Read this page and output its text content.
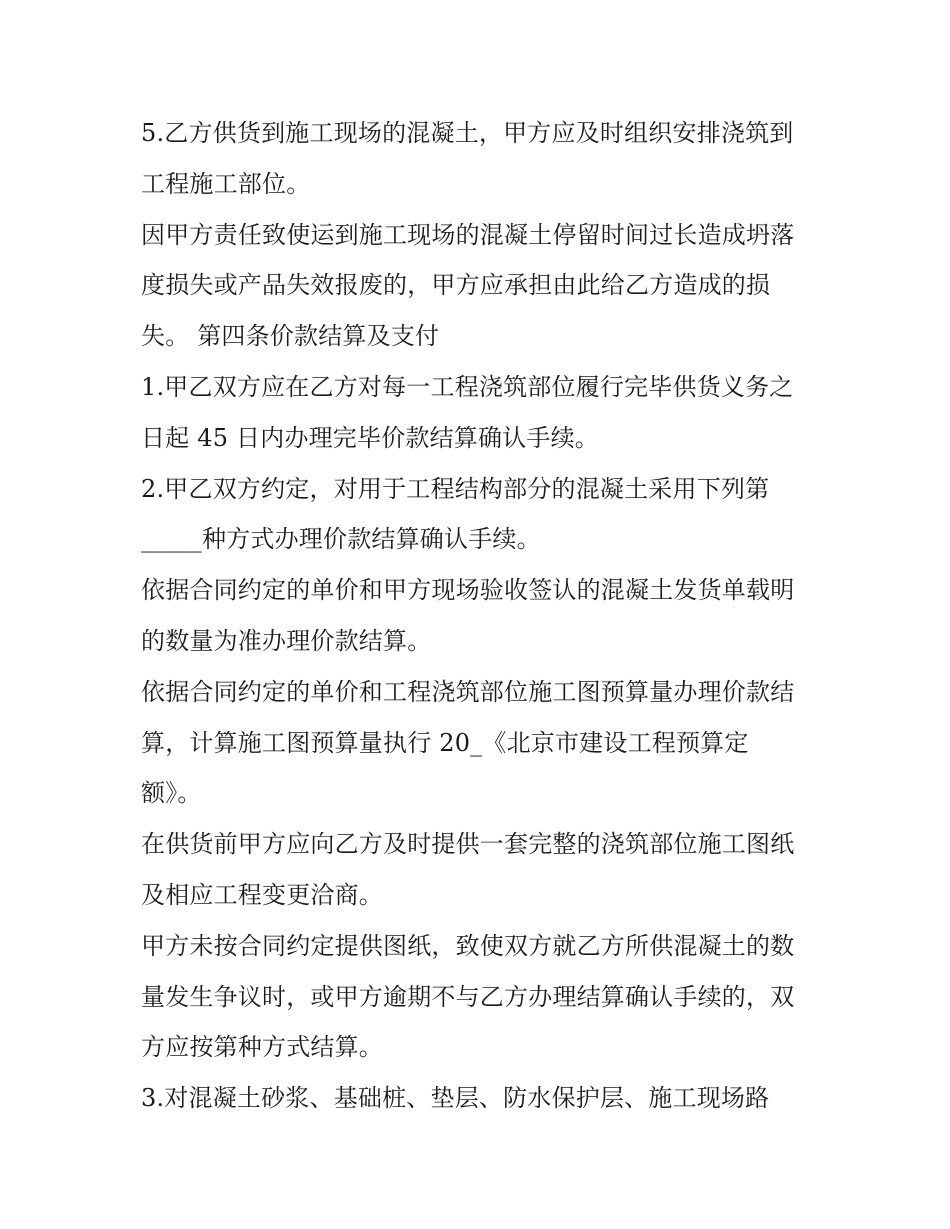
5.乙方供货到施工现场的混凝土，甲方应及时组织安排浇筑到
工程施工部位。
因甲方责任致使运到施工现场的混凝土停留时间过长造成坍落
度损失或产品失效报废的，甲方应承担由此给乙方造成的损
失。 第四条价款结算及支付
1.甲乙双方应在乙方对每一工程浇筑部位履行完毕供货义务之
日起 45 日内办理完毕价款结算确认手续。
2.甲乙双方约定，对用于工程结构部分的混凝土采用下列第
_____种方式办理价款结算确认手续。
依据合同约定的单价和甲方现场验收签认的混凝土发货单载明
的数量为准办理价款结算。
依据合同约定的单价和工程浇筑部位施工图预算量办理价款结
算，计算施工图预算量执行 20_《北京市建设工程预算定
额》。
在供货前甲方应向乙方及时提供一套完整的浇筑部位施工图纸
及相应工程变更洽商。
甲方未按合同约定提供图纸，致使双方就乙方所供混凝土的数
量发生争议时，或甲方逾期不与乙方办理结算确认手续的，双
方应按第种方式结算。
3.对混凝土砂浆、基础桩、垫层、防水保护层、施工现场路
